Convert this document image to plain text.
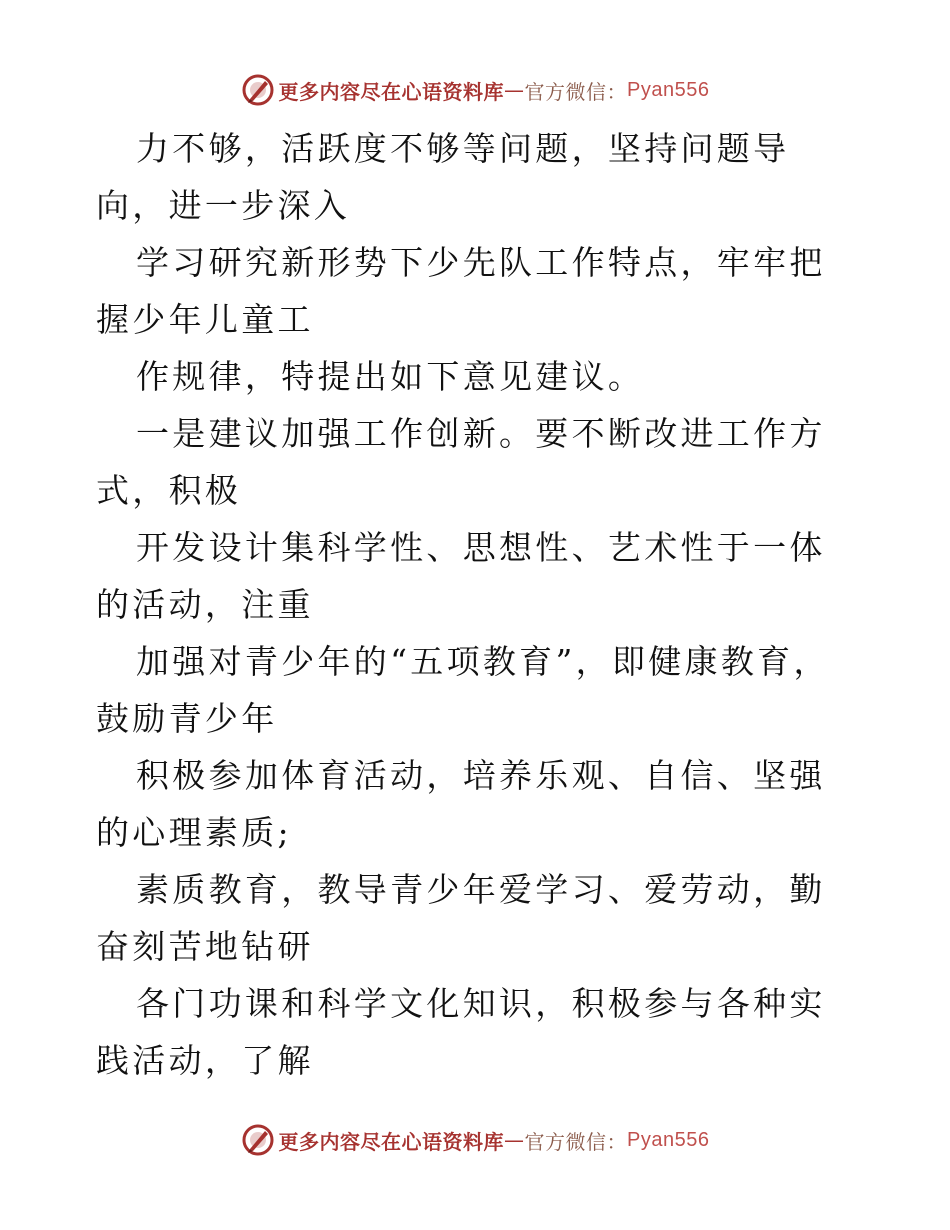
更多内容尽在心语资料库 — 官方微信： Pyan556

力不够，活跃度不够等问题，坚持问题导向，进一步深入

学习研究新形势下少先队工作特点，牢牢把握少年儿童工

作规律，特提出如下意见建议。

一是建议加强工作创新。要不断改进工作方式，积极

开发设计集科学性、思想性、艺术性于一体的活动，注重

加强对青少年的“五项教育”，即健康教育，鼓励青少年

积极参加体育活动，培养乐观、自信、坚强的心理素质;

素质教育，教导青少年爱学习、爱劳动，勤奋刻苦地钻研

各门功课和科学文化知识，积极参与各种实践活动，了解

更多内容尽在心语资料库 — 官方微信： Pyan556
